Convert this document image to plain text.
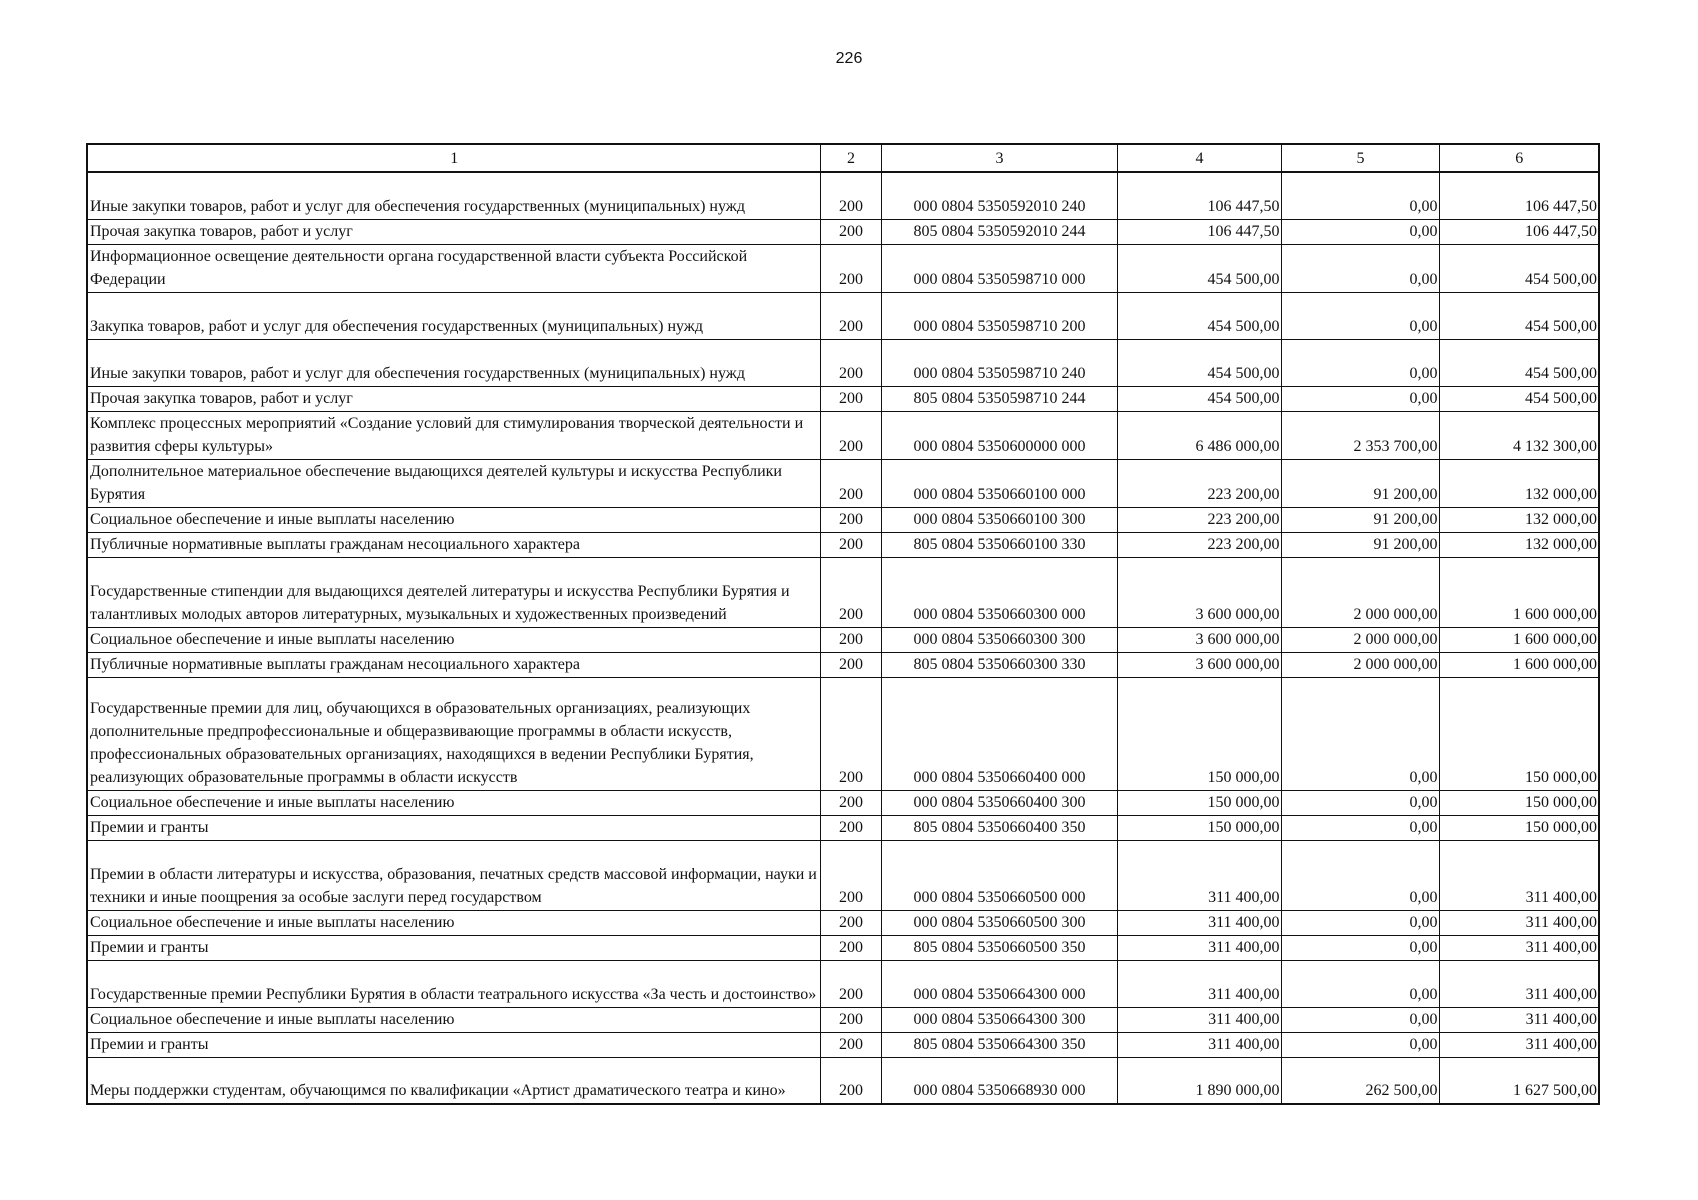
226
1	2	3	4	5	6
Иные закупки товаров, работ и услуг для обеспечения государственных (муниципальных) нужд	200	000 0804 5350592010 240	106 447,50	0,00	106 447,50
Прочая закупка товаров, работ и услуг	200	805 0804 5350592010 244	106 447,50	0,00	106 447,50
Информационное освещение деятельности органа государственной власти субъекта Российской Федерации	200	000 0804 5350598710 000	454 500,00	0,00	454 500,00
Закупка товаров, работ и услуг для обеспечения государственных (муниципальных) нужд	200	000 0804 5350598710 200	454 500,00	0,00	454 500,00
Иные закупки товаров, работ и услуг для обеспечения государственных (муниципальных) нужд	200	000 0804 5350598710 240	454 500,00	0,00	454 500,00
Прочая закупка товаров, работ и услуг	200	805 0804 5350598710 244	454 500,00	0,00	454 500,00
Комплекс процессных мероприятий «Создание условий для стимулирования творческой деятельности и развития сферы культуры»	200	000 0804 5350600000 000	6 486 000,00	2 353 700,00	4 132 300,00
Дополнительное материальное обеспечение выдающихся деятелей культуры и искусства Республики Бурятия	200	000 0804 5350660100 000	223 200,00	91 200,00	132 000,00
Социальное обеспечение и иные выплаты населению	200	000 0804 5350660100 300	223 200,00	91 200,00	132 000,00
Публичные нормативные выплаты гражданам несоциального характера	200	805 0804 5350660100 330	223 200,00	91 200,00	132 000,00
Государственные стипендии для выдающихся деятелей литературы и искусства Республики Бурятия и талантливых молодых авторов литературных, музыкальных и художественных произведений	200	000 0804 5350660300 000	3 600 000,00	2 000 000,00	1 600 000,00
Социальное обеспечение и иные выплаты населению	200	000 0804 5350660300 300	3 600 000,00	2 000 000,00	1 600 000,00
Публичные нормативные выплаты гражданам несоциального характера	200	805 0804 5350660300 330	3 600 000,00	2 000 000,00	1 600 000,00
Государственные премии для лиц, обучающихся в образовательных организациях, реализующих дополнительные предпрофессиональные и общеразвивающие программы в области искусств, профессиональных образовательных организациях, находящихся в ведении Республики Бурятия, реализующих образовательные программы в области искусств	200	000 0804 5350660400 000	150 000,00	0,00	150 000,00
Социальное обеспечение и иные выплаты населению	200	000 0804 5350660400 300	150 000,00	0,00	150 000,00
Премии и гранты	200	805 0804 5350660400 350	150 000,00	0,00	150 000,00
Премии в области литературы и искусства, образования, печатных средств массовой информации, науки и техники и иные поощрения за особые заслуги перед государством	200	000 0804 5350660500 000	311 400,00	0,00	311 400,00
Социальное обеспечение и иные выплаты населению	200	000 0804 5350660500 300	311 400,00	0,00	311 400,00
Премии и гранты	200	805 0804 5350660500 350	311 400,00	0,00	311 400,00
Государственные премии Республики Бурятия в области театрального искусства «За честь и достоинство»	200	000 0804 5350664300 000	311 400,00	0,00	311 400,00
Социальное обеспечение и иные выплаты населению	200	000 0804 5350664300 300	311 400,00	0,00	311 400,00
Премии и гранты	200	805 0804 5350664300 350	311 400,00	0,00	311 400,00
Меры поддержки студентам, обучающимся по квалификации «Артист драматического театра и кино»	200	000 0804 5350668930 000	1 890 000,00	262 500,00	1 627 500,00
